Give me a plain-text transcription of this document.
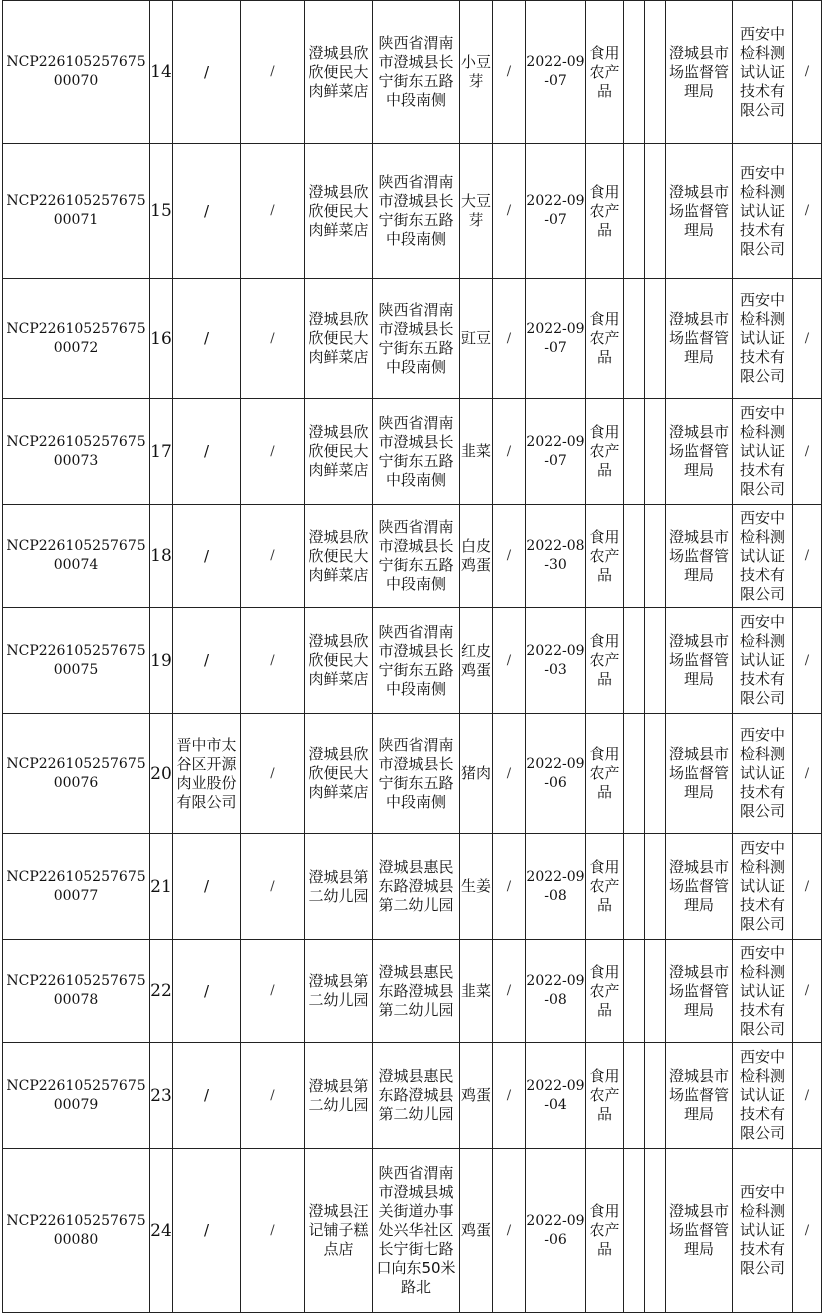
NCP22610525767500070	14	/	/	澄城县欣欣便民大肉鲜菜店	陕西省渭南市澄城县长宁街东五路中段南侧	小豆芽	/	2022-09-07	食用农产品			澄城县市场监督管理局	西安中检科测试认证技术有限公司	/
NCP22610525767500071	15	/	/	澄城县欣欣便民大肉鲜菜店	陕西省渭南市澄城县长宁街东五路中段南侧	大豆芽	/	2022-09-07	食用农产品			澄城县市场监督管理局	西安中检科测试认证技术有限公司	/
NCP22610525767500072	16	/	/	澄城县欣欣便民大肉鲜菜店	陕西省渭南市澄城县长宁街东五路中段南侧	豇豆	/	2022-09-07	食用农产品			澄城县市场监督管理局	西安中检科测试认证技术有限公司	/
NCP22610525767500073	17	/	/	澄城县欣欣便民大肉鲜菜店	陕西省渭南市澄城县长宁街东五路中段南侧	韭菜	/	2022-09-07	食用农产品			澄城县市场监督管理局	西安中检科测试认证技术有限公司	/
NCP22610525767500074	18	/	/	澄城县欣欣便民大肉鲜菜店	陕西省渭南市澄城县长宁街东五路中段南侧	白皮鸡蛋	/	2022-08-30	食用农产品			澄城县市场监督管理局	西安中检科测试认证技术有限公司	/
NCP22610525767500075	19	/	/	澄城县欣欣便民大肉鲜菜店	陕西省渭南市澄城县长宁街东五路中段南侧	红皮鸡蛋	/	2022-09-03	食用农产品			澄城县市场监督管理局	西安中检科测试认证技术有限公司	/
NCP22610525767500076	20	晋中市太谷区开源肉业股份有限公司	/	澄城县欣欣便民大肉鲜菜店	陕西省渭南市澄城县长宁街东五路中段南侧	猪肉	/	2022-09-06	食用农产品			澄城县市场监督管理局	西安中检科测试认证技术有限公司	/
NCP22610525767500077	21	/	/	澄城县第二幼儿园	澄城县惠民东路澄城县第二幼儿园	生姜	/	2022-09-08	食用农产品			澄城县市场监督管理局	西安中检科测试认证技术有限公司	/
NCP22610525767500078	22	/	/	澄城县第二幼儿园	澄城县惠民东路澄城县第二幼儿园	韭菜	/	2022-09-08	食用农产品			澄城县市场监督管理局	西安中检科测试认证技术有限公司	/
NCP22610525767500079	23	/	/	澄城县第二幼儿园	澄城县惠民东路澄城县第二幼儿园	鸡蛋	/	2022-09-04	食用农产品			澄城县市场监督管理局	西安中检科测试认证技术有限公司	/
NCP22610525767500080	24	/	/	澄城县汪记铺子糕点店	陕西省渭南市澄城县城关街道办事处兴华社区长宁街七路口向东50米路北	鸡蛋	/	2022-09-06	食用农产品			澄城县市场监督管理局	西安中检科测试认证技术有限公司	/
